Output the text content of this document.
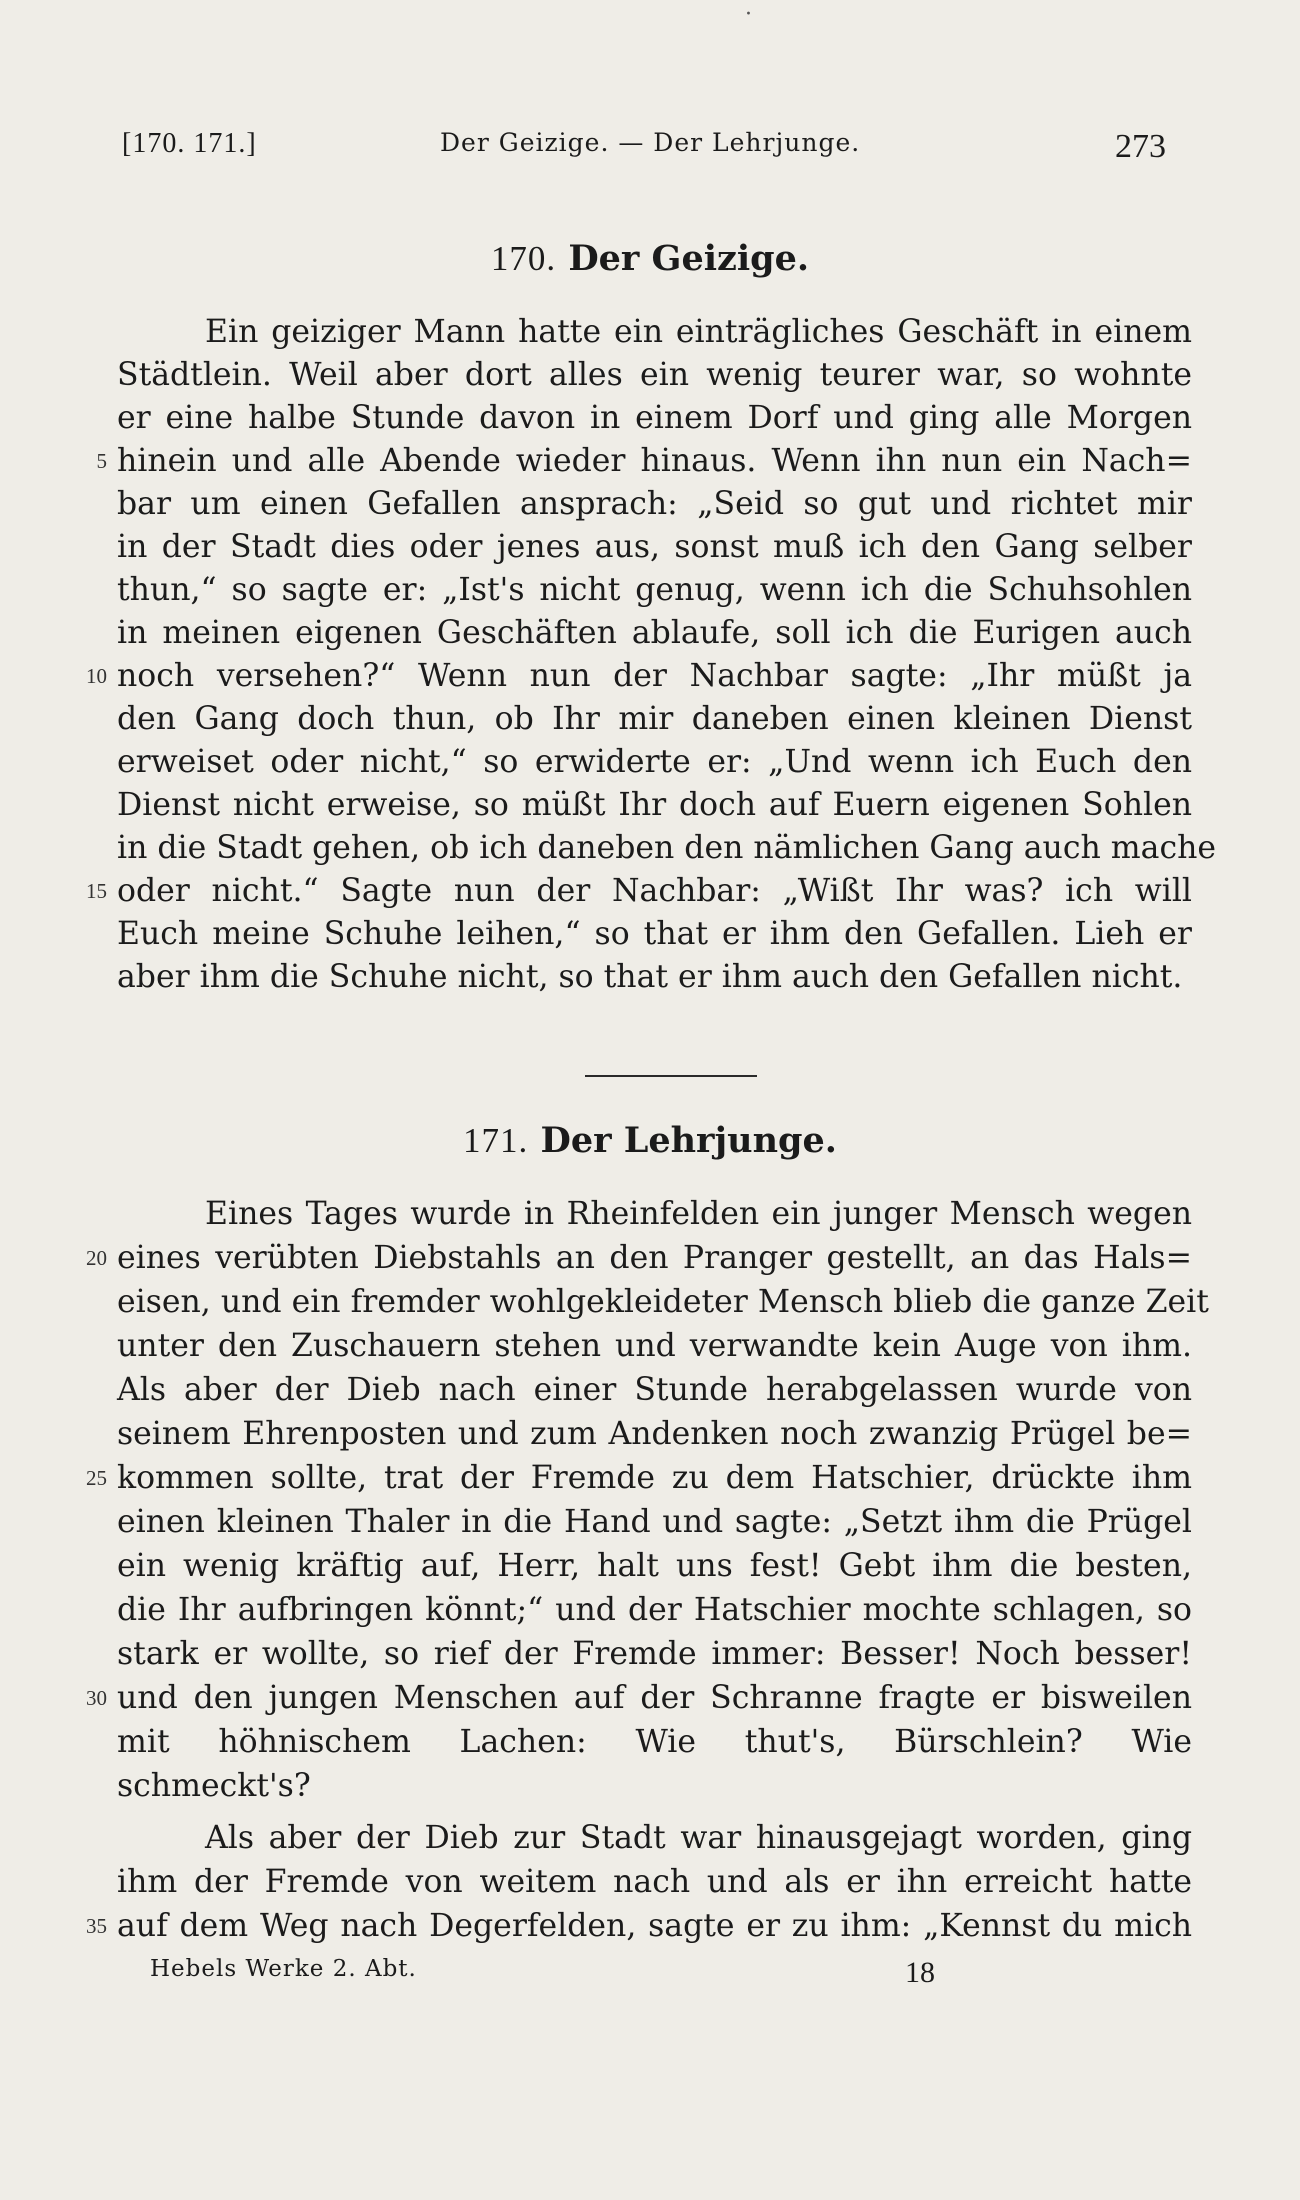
[170. 171.]	Der Geizige. — Der Lehrjunge.	273
·
170. Der Geizige.
Ein geiziger Mann hatte ein einträgliches Geschäft in einem
Städtlein. Weil aber dort alles ein wenig teurer war, so wohnte
er eine halbe Stunde davon in einem Dorf und ging alle Morgen
hinein und alle Abende wieder hinaus. Wenn ihn nun ein Nach=
bar um einen Gefallen ansprach: „Seid so gut und richtet mir
in der Stadt dies oder jenes aus, sonst muß ich den Gang selber
thun,“ so sagte er: „Ist's nicht genug, wenn ich die Schuhsohlen
in meinen eigenen Geschäften ablaufe, soll ich die Eurigen auch
noch versehen?“ Wenn nun der Nachbar sagte: „Ihr müßt ja
den Gang doch thun, ob Ihr mir daneben einen kleinen Dienst
erweiset oder nicht,“ so erwiderte er: „Und wenn ich Euch den
Dienst nicht erweise, so müßt Ihr doch auf Euern eigenen Sohlen
in die Stadt gehen, ob ich daneben den nämlichen Gang auch mache
oder nicht.“ Sagte nun der Nachbar: „Wißt Ihr was? ich will
Euch meine Schuhe leihen,“ so that er ihm den Gefallen. Lieh er
aber ihm die Schuhe nicht, so that er ihm auch den Gefallen nicht.
171. Der Lehrjunge.
Eines Tages wurde in Rheinfelden ein junger Mensch wegen
eines verübten Diebstahls an den Pranger gestellt, an das Hals=
eisen, und ein fremder wohlgekleideter Mensch blieb die ganze Zeit
unter den Zuschauern stehen und verwandte kein Auge von ihm.
Als aber der Dieb nach einer Stunde herabgelassen wurde von
seinem Ehrenposten und zum Andenken noch zwanzig Prügel be=
kommen sollte, trat der Fremde zu dem Hatschier, drückte ihm
einen kleinen Thaler in die Hand und sagte: „Setzt ihm die Prügel
ein wenig kräftig auf, Herr, halt uns fest! Gebt ihm die besten,
die Ihr aufbringen könnt;“ und der Hatschier mochte schlagen, so
stark er wollte, so rief der Fremde immer: Besser! Noch besser!
und den jungen Menschen auf der Schranne fragte er bisweilen
mit höhnischem Lachen: Wie thut's, Bürschlein? Wie
schmeckt's?
Als aber der Dieb zur Stadt war hinausgejagt worden, ging
ihm der Fremde von weitem nach und als er ihn erreicht hatte
auf dem Weg nach Degerfelden, sagte er zu ihm: „Kennst du mich
5
10
15
20
25
30
35
Hebels Werke 2. Abt.	18
